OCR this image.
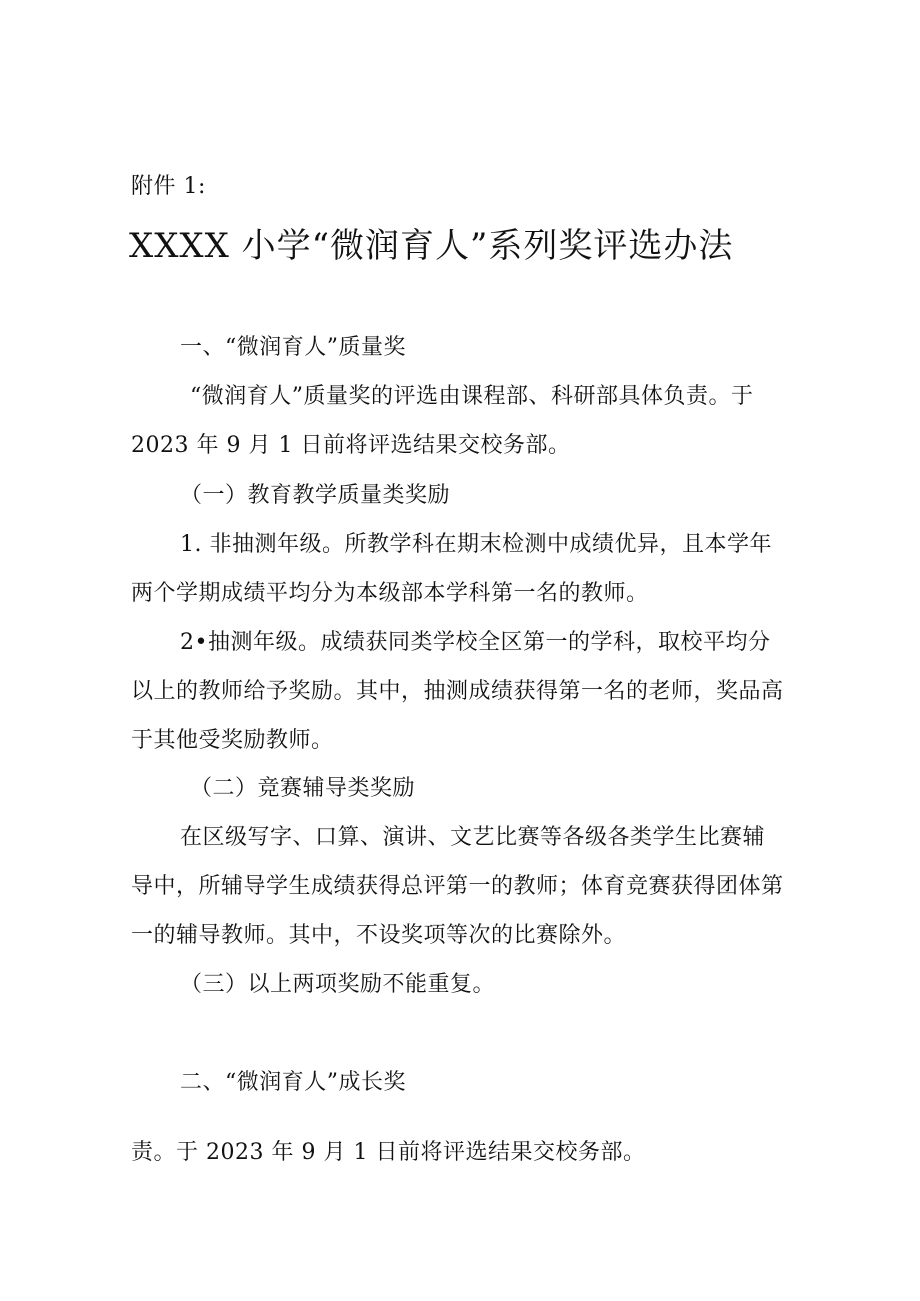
附件 1:
XXXX 小学“微润育人”系列奖评选办法
一、“微润育人”质量奖
“微润育人”质量奖的评选由课程部、科研部具体负责。于
2023 年 9 月 1 日前将评选结果交校务部。
（一）教育教学质量类奖励
1. 非抽测年级。所教学科在期末检测中成绩优异，且本学年
两个学期成绩平均分为本级部本学科第一名的教师。
2•抽测年级。成绩获同类学校全区第一的学科，取校平均分
以上的教师给予奖励。其中，抽测成绩获得第一名的老师，奖品高
于其他受奖励教师。
（二）竞赛辅导类奖励
在区级写字、口算、演讲、文艺比赛等各级各类学生比赛辅
导中，所辅导学生成绩获得总评第一的教师；体育竞赛获得团体第
一的辅导教师。其中，不设奖项等次的比赛除外。
（三）以上两项奖励不能重复。
二、“微润育人”成长奖
责。于 2023 年 9 月 1 日前将评选结果交校务部。
